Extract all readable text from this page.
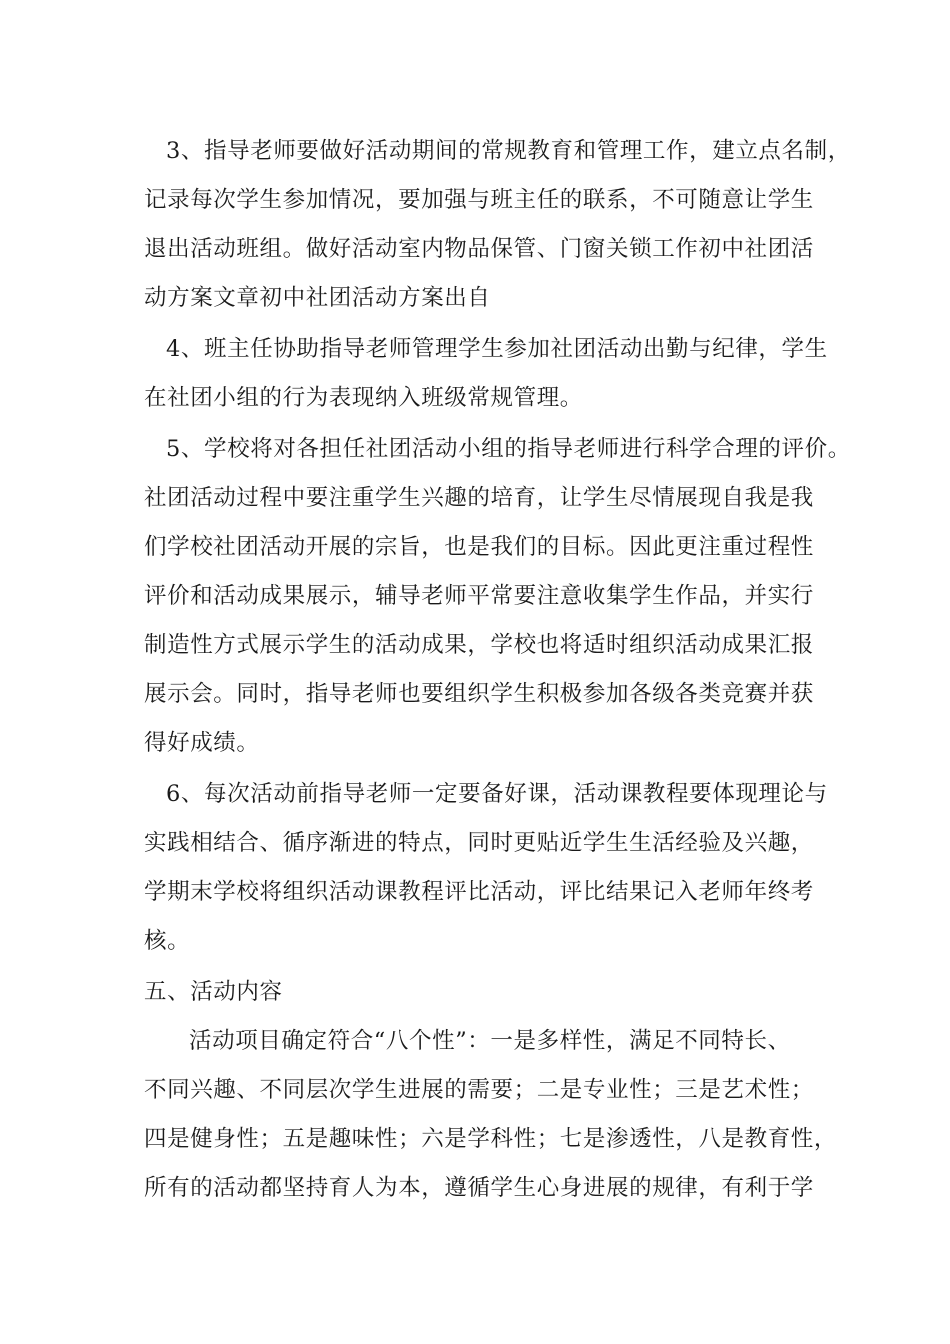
3、指导老师要做好活动期间的常规教育和管理工作，建立点名制，
记录每次学生参加情况，要加强与班主任的联系，不可随意让学生
退出活动班组。做好活动室内物品保管、门窗关锁工作初中社团活
动方案文章初中社团活动方案出自
4、班主任协助指导老师管理学生参加社团活动出勤与纪律，学生
在社团小组的行为表现纳入班级常规管理。
5、学校将对各担任社团活动小组的指导老师进行科学合理的评价。
社团活动过程中要注重学生兴趣的培育，让学生尽情展现自我是我
们学校社团活动开展的宗旨，也是我们的目标。因此更注重过程性
评价和活动成果展示，辅导老师平常要注意收集学生作品，并实行
制造性方式展示学生的活动成果，学校也将适时组织活动成果汇报
展示会。同时，指导老师也要组织学生积极参加各级各类竞赛并获
得好成绩。
6、每次活动前指导老师一定要备好课，活动课教程要体现理论与
实践相结合、循序渐进的特点，同时更贴近学生生活经验及兴趣，
学期末学校将组织活动课教程评比活动，评比结果记入老师年终考
核。
五、活动内容
活动项目确定符合“八个性”：一是多样性，满足不同特长、
不同兴趣、不同层次学生进展的需要；二是专业性；三是艺术性；
四是健身性；五是趣味性；六是学科性；七是渗透性，八是教育性，
所有的活动都坚持育人为本，遵循学生心身进展的规律，有利于学
